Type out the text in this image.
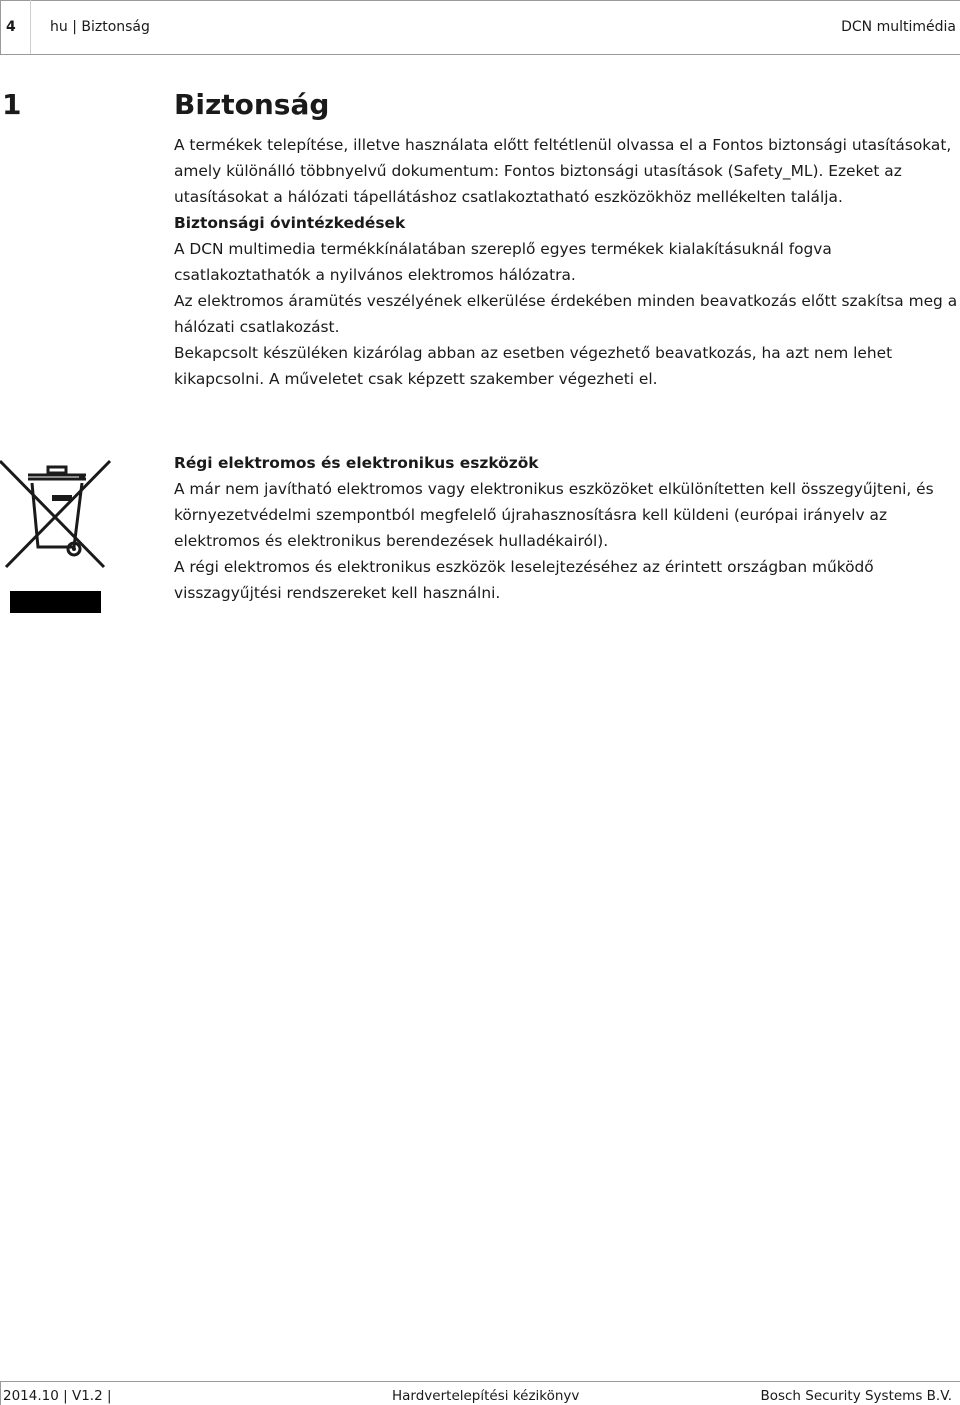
4 hu | Biztonság	DCN multimédia
1	Biztonság

A termékek telepítése, illetve használata előtt feltétlenül olvassa el a Fontos biztonsági utasításokat, amely különálló többnyelvű dokumentum: Fontos biztonsági utasítások (Safety_ML). Ezeket az utasításokat a hálózati tápellátáshoz csatlakoztatható eszközökhöz mellékelten találja.

Biztonsági óvintézkedések

A DCN multimedia termékkínálatában szereplő egyes termékek kialakításuknál fogva csatlakoztathatók a nyilvános elektromos hálózatra.

Az elektromos áramütés veszélyének elkerülése érdekében minden beavatkozás előtt szakítsa meg a hálózati csatlakozást.

Bekapcsolt készüléken kizárólag abban az esetben végezhető beavatkozás, ha azt nem lehet kikapcsolni. A műveletet csak képzett szakember végezheti el.

Régi elektromos és elektronikus eszközök

A már nem javítható elektromos vagy elektronikus eszközöket elkülönítetten kell összegyűjteni, és környezetvédelmi szempontból megfelelő újrahasznosításra kell küldeni (európai irányelv az elektromos és elektronikus berendezések hulladékairól).

A régi elektromos és elektronikus eszközök leselejtezéséhez az érintett országban működő visszagyűjtési rendszereket kell használni.

2014.10 | V1.2 |	Hardvertelepítési kézikönyv	Bosch Security Systems B.V.
